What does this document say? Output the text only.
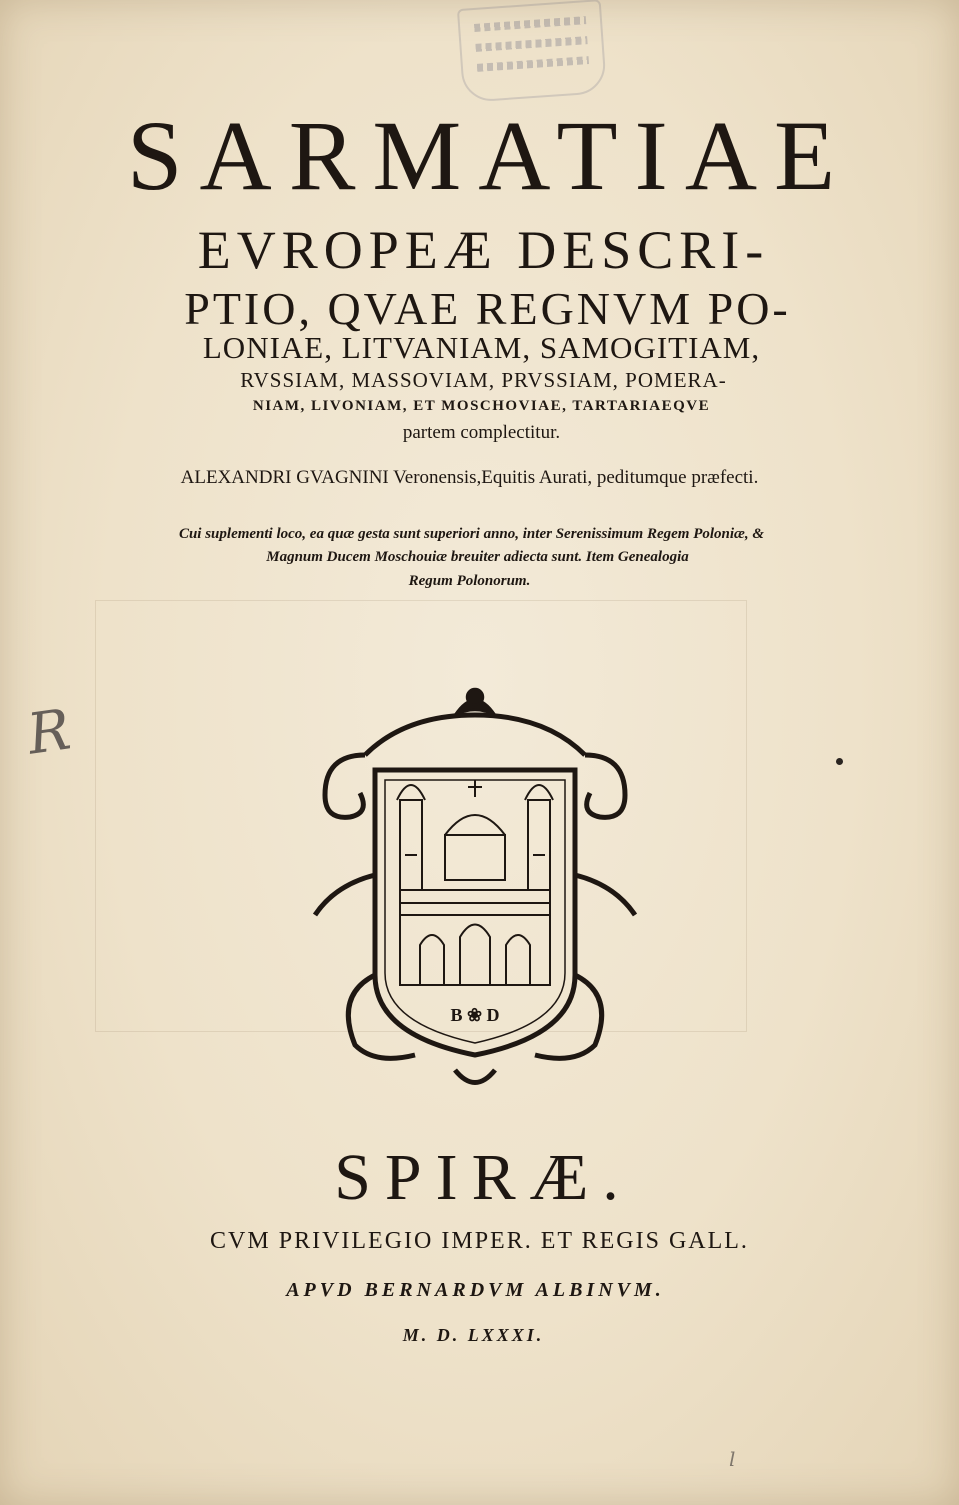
SARMATIAE
EVROPEÆ DESCRI-
PTIO, QVAE REGNVM PO-
LONIAE, LITVANIAM, SAMOGITIAM,
RVSSIAM, MASSOVIAM, PRVSSIAM, POMERA-
NIAM, LIVONIAM, ET MOSCHOVIAE, TARTARIAEQVE
partem complectitur.
ALEXANDRI GVAGNINI Veronensis,Equitis Aurati, peditumque præfecti.
Cui suplementi loco, ea quæ gesta sunt superiori anno, inter Serenissimum Regem Poloniæ, &
Magnum Ducem Moschouiæ breuiter adiecta sunt. Item Genealogia
Regum Polonorum.
B ❀ D
SPIRÆ.
CVM PRIVILEGIO IMPER. ET REGIS GALL.
APVD BERNARDVM ALBINVM.
M. D. LXXXI.
R
l
